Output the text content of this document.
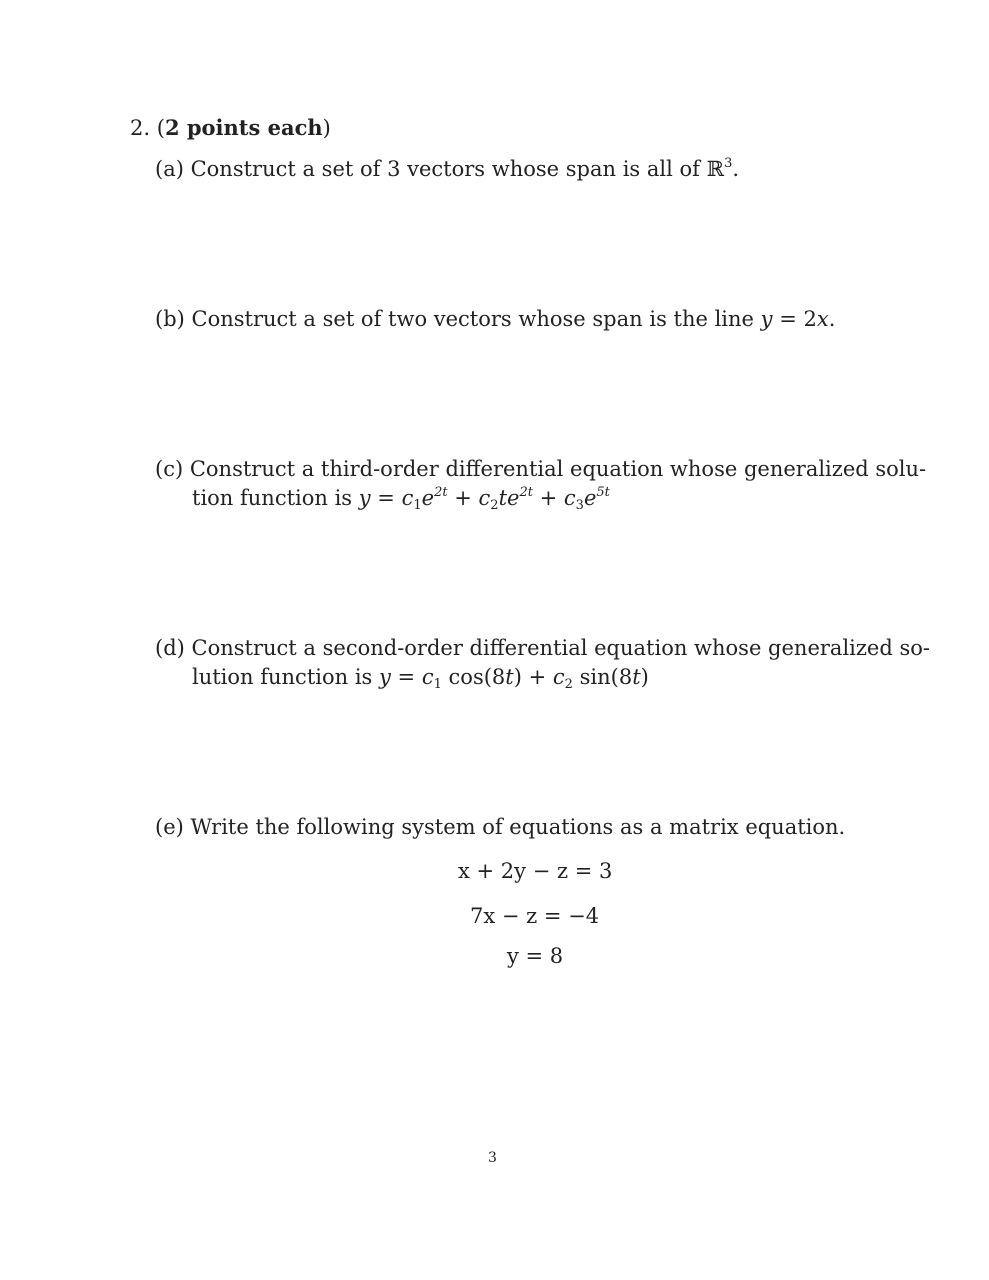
2. (2 points each)
(a) Construct a set of 3 vectors whose span is all of ℝ$^3$.
(b) Construct a set of two vectors whose span is the line y = 2x.
(c) Construct a third-order differential equation whose generalized solu-
tion function is $y = c_1e^{2t} + c_2te^{2t} + c_3e^{5t}$
(d) Construct a second-order differential equation whose generalized so-
lution function is $y = c_1$ $\cos(8t) + c_2$ sin(8t)
(e) Write the following system of equations as a matrix equation.
x + 2y − z = 3
7x − z = −4
y = 8
3
